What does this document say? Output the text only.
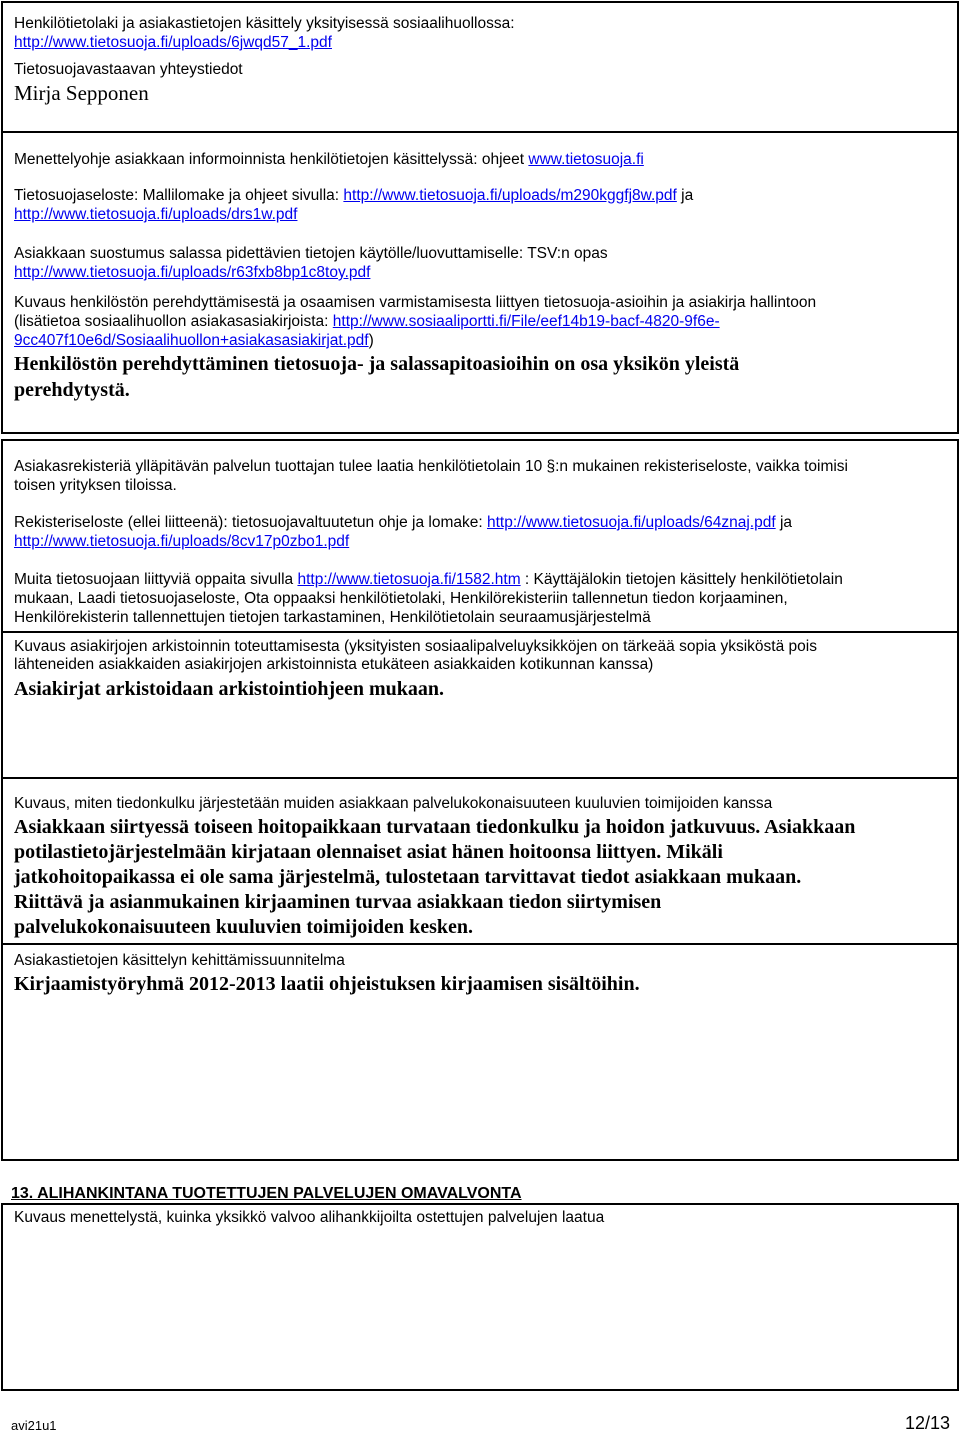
Henkilötietolaki ja asiakastietojen käsittely yksityisessä sosiaalihuollossa:
http://www.tietosuoja.fi/uploads/6jwqd57_1.pdf
Tietosuojavastaavan yhteystiedot
Mirja Sepponen
Menettelyohje asiakkaan informoinnista henkilötietojen käsittelyssä: ohjeet www.tietosuoja.fi
Tietosuojaseloste: Mallilomake ja ohjeet sivulla: http://www.tietosuoja.fi/uploads/m290kggfj8w.pdf ja
http://www.tietosuoja.fi/uploads/drs1w.pdf
Asiakkaan suostumus salassa pidettävien tietojen käytölle/luovuttamiselle: TSV:n opas
http://www.tietosuoja.fi/uploads/r63fxb8bp1c8toy.pdf
Kuvaus henkilöstön perehdyttämisestä ja osaamisen varmistamisesta liittyen tietosuoja-asioihin ja asiakirja hallintoon
(lisätietoa sosiaalihuollon asiakasasiakirjoista: http://www.sosiaaliportti.fi/File/eef14b19-bacf-4820-9f6e-
9cc407f10e6d/Sosiaalihuollon+asiakasasiakirjat.pdf)
Henkilöstön perehdyttäminen tietosuoja- ja salassapitoasioihin on osa yksikön yleistä
perehdytystä.
Asiakasrekisteriä ylläpitävän palvelun tuottajan tulee laatia henkilötietolain 10 §:n mukainen rekisteriseloste, vaikka toimisi
toisen yrityksen tiloissa.
Rekisteriseloste (ellei liitteenä): tietosuojavaltuutetun ohje ja lomake: http://www.tietosuoja.fi/uploads/64znaj.pdf ja
http://www.tietosuoja.fi/uploads/8cv17p0zbo1.pdf
Muita tietosuojaan liittyviä oppaita sivulla http://www.tietosuoja.fi/1582.htm : Käyttäjälokin tietojen käsittely henkilötietolain
mukaan, Laadi tietosuojaseloste, Ota oppaaksi henkilötietolaki, Henkilörekisteriin tallennetun tiedon korjaaminen,
Henkilörekisterin tallennettujen tietojen tarkastaminen, Henkilötietolain seuraamusjärjestelmä
Kuvaus asiakirjojen arkistoinnin toteuttamisesta (yksityisten sosiaalipalveluyksikköjen on tärkeää sopia yksiköstä pois
lähteneiden asiakkaiden asiakirjojen arkistoinnista etukäteen asiakkaiden kotikunnan kanssa)
Asiakirjat arkistoidaan arkistointiohjeen mukaan.
Kuvaus, miten tiedonkulku järjestetään muiden asiakkaan palvelukokonaisuuteen kuuluvien toimijoiden kanssa
Asiakkaan siirtyessä toiseen hoitopaikkaan turvataan tiedonkulku ja hoidon jatkuvuus. Asiakkaan
potilastietojärjestelmään kirjataan olennaiset asiat hänen hoitoonsa liittyen. Mikäli
jatkohoitopaikassa ei ole sama järjestelmä, tulostetaan tarvittavat tiedot asiakkaan mukaan.
Riittävä ja asianmukainen kirjaaminen turvaa asiakkaan tiedon siirtymisen
palvelukokonaisuuteen kuuluvien toimijoiden kesken.
Asiakastietojen käsittelyn kehittämissuunnitelma
Kirjaamistyöryhmä 2012-2013 laatii ohjeistuksen kirjaamisen sisältöihin.
13. ALIHANKINTANA TUOTETTUJEN PALVELUJEN OMAVALVONTA
Kuvaus menettelystä, kuinka yksikkö valvoo alihankkijoilta ostettujen palvelujen laatua
avi21u1	12/13
